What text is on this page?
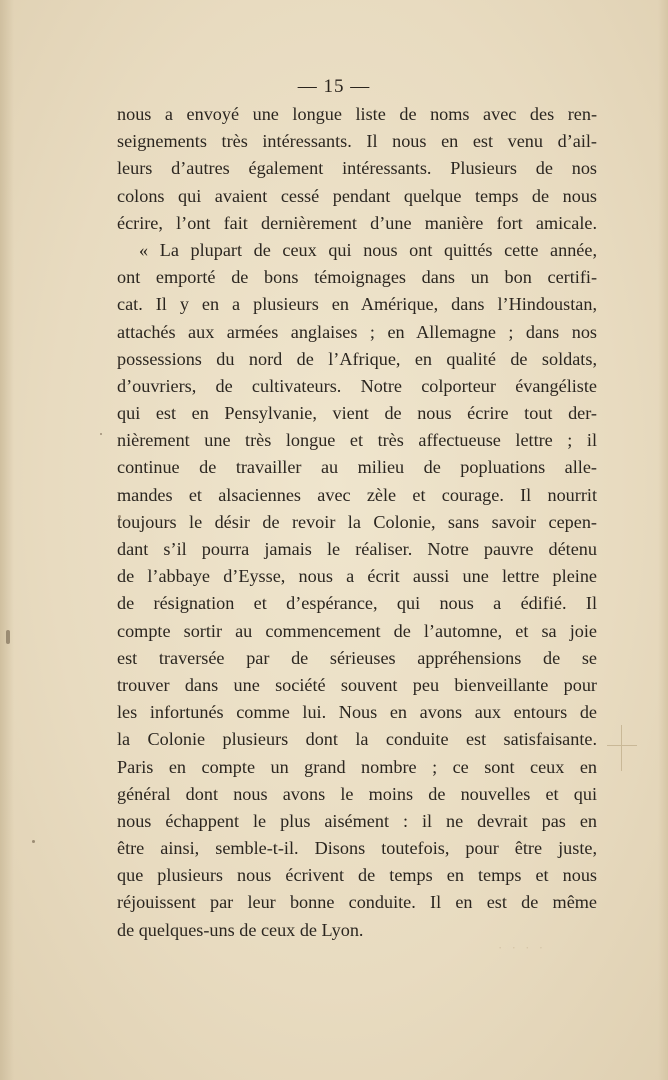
— 15 —
nous a envoyé une longue liste de noms avec des ren-
seignements très intéressants. Il nous en est venu d’ail-
leurs d’autres également intéressants. Plusieurs de nos
colons qui avaient cessé pendant quelque temps de nous
écrire, l’ont fait dernièrement d’une manière fort amicale.
« La plupart de ceux qui nous ont quittés cette année,
ont emporté de bons témoignages dans un bon certifi-
cat. Il y en a plusieurs en Amérique, dans l’Hindoustan,
attachés aux armées anglaises ; en Allemagne ; dans nos
possessions du nord de l’Afrique, en qualité de soldats,
d’ouvriers, de cultivateurs. Notre colporteur évangéliste
qui est en Pensylvanie, vient de nous écrire tout der-
nièrement une très longue et très affectueuse lettre ; il
continue de travailler au milieu de popluations alle-
mandes et alsaciennes avec zèle et courage. Il nourrit
toujours le désir de revoir la Colonie, sans savoir cepen-
dant s’il pourra jamais le réaliser. Notre pauvre détenu
de l’abbaye d’Eysse, nous a écrit aussi une lettre pleine
de résignation et d’espérance, qui nous a édifié. Il
compte sortir au commencement de l’automne, et sa joie
est traversée par de sérieuses appréhensions de se
trouver dans une société souvent peu bienveillante pour
les infortunés comme lui. Nous en avons aux entours de
la Colonie plusieurs dont la conduite est satisfaisante.
Paris en compte un grand nombre ; ce sont ceux en
général dont nous avons le moins de nouvelles et qui
nous échappent le plus aisément : il ne devrait pas en
être ainsi, semble-t-il. Disons toutefois, pour être juste,
que plusieurs nous écrivent de temps en temps et nous
réjouissent par leur bonne conduite. Il en est de même
de quelques-uns de ceux de Lyon.
· · · ·
